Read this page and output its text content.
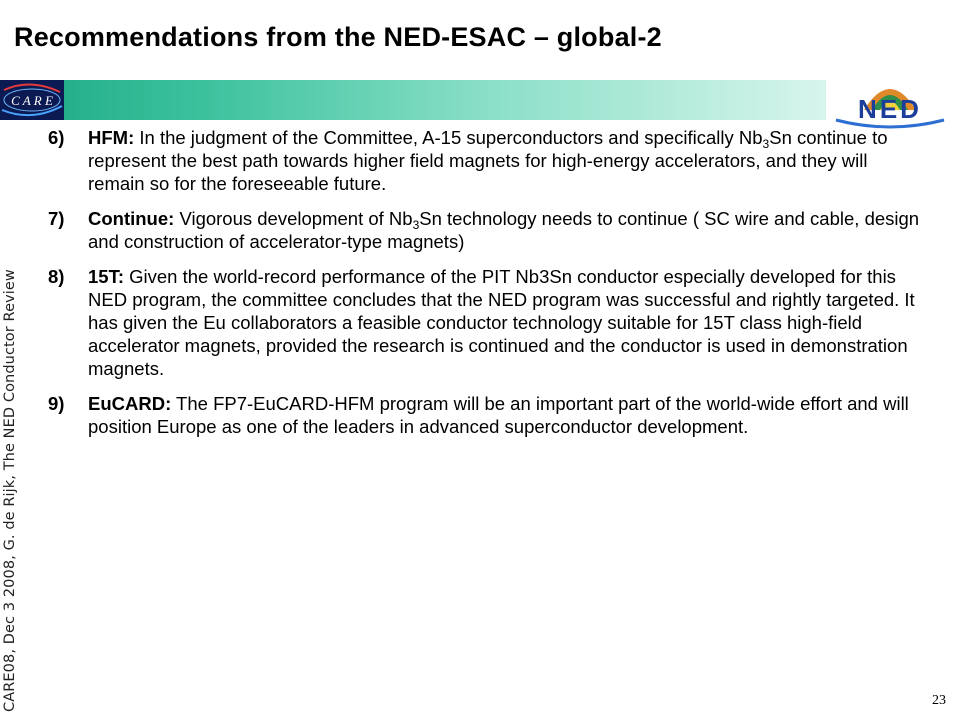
Recommendations from the NED-ESAC – global-2
C A R E	NED
CARE08, Dec 3 2008, G. de Rijk, The NED Conductor Review
6)	HFM: In the judgment of the Committee, A-15 superconductors and specifically $Nb_3Sn$ continue to represent the best path towards higher field magnets for high-energy accelerators, and they will remain so for the foreseeable future.
7)	Continue: Vigorous development of $Nb_3Sn$ technology needs to continue ( SC wire and cable, design and construction of accelerator-type magnets)
8)	15T: Given the world-record performance of the PIT Nb3Sn conductor especially developed for this NED program, the committee concludes that the NED program was successful and rightly targeted. It has given the Eu collaborators a feasible conductor technology suitable for 15T class high-field accelerator magnets, provided the research is continued and the conductor is used in demonstration magnets.
9)	EuCARD: The FP7-EuCARD-HFM program will be an important part of the world-wide effort and will position Europe as one of the leaders in advanced superconductor development.
23
